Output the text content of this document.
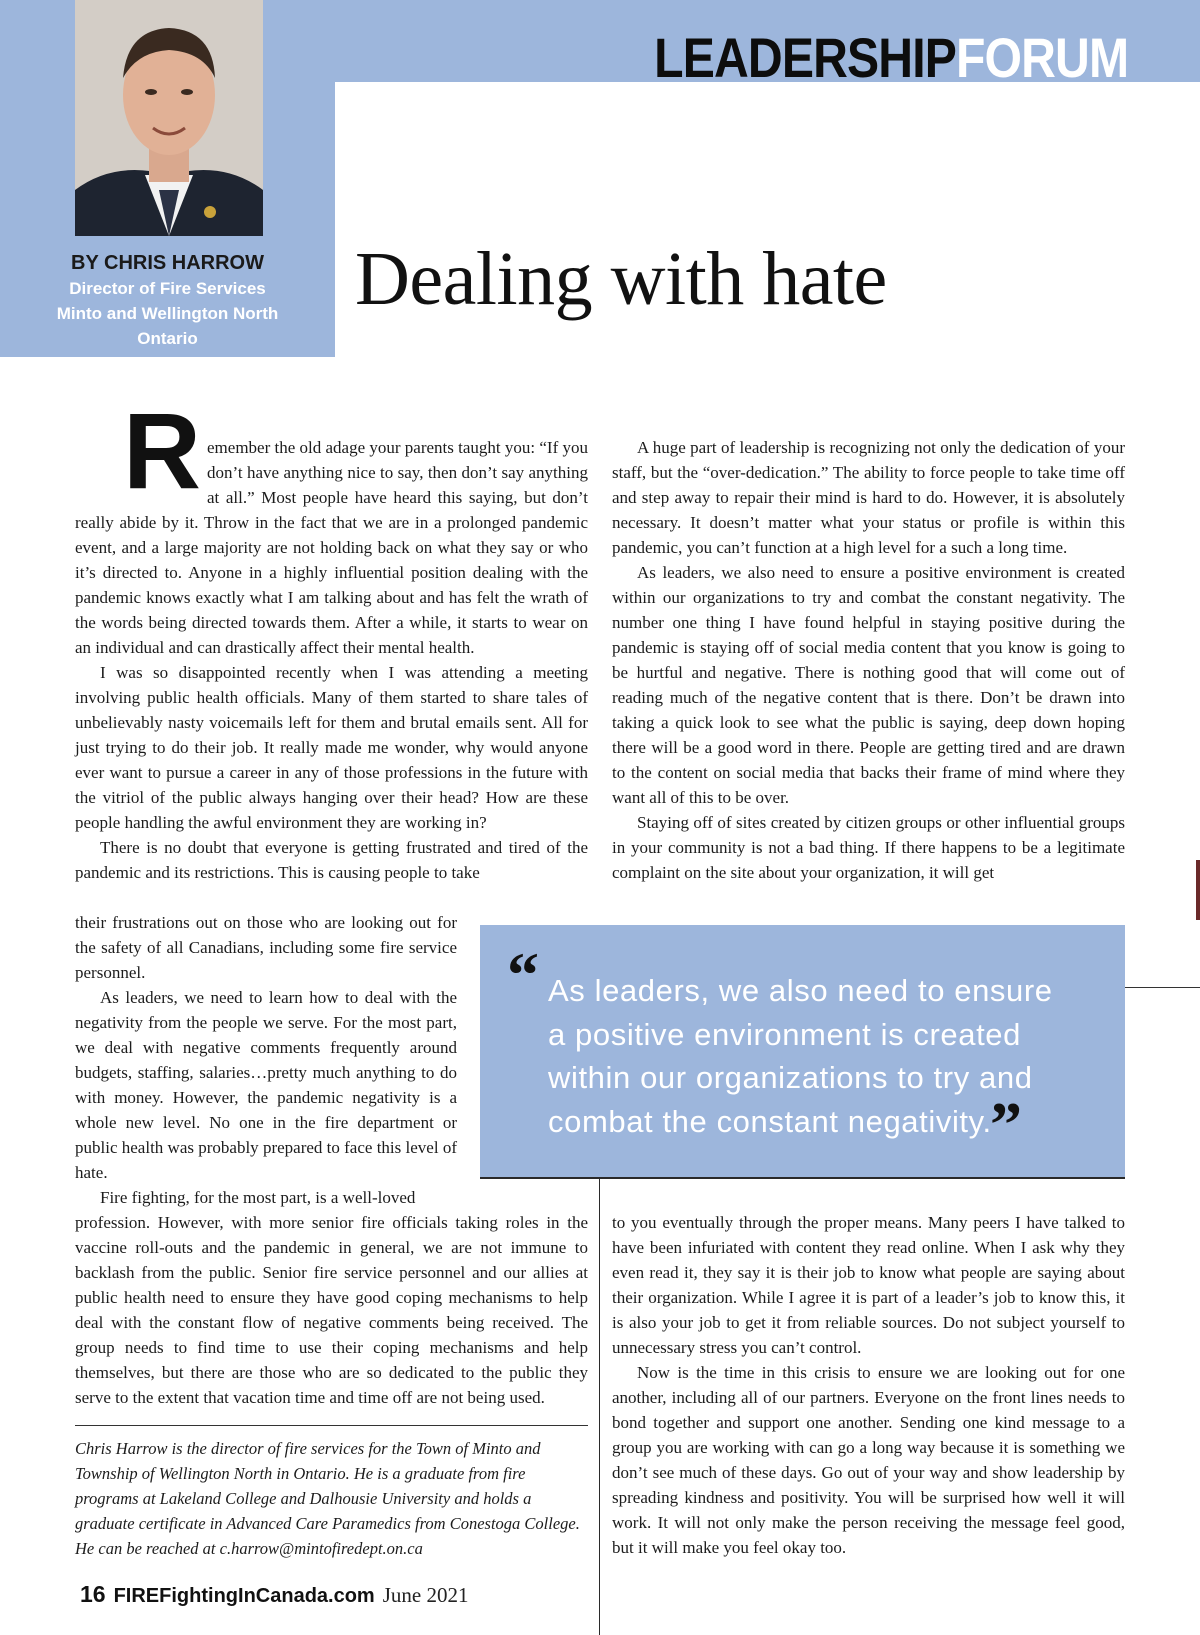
LEADERSHIPFORUM
BY CHRIS HARROW
Director of Fire Services
Minto and Wellington North
Ontario
Dealing with hate

Remember the old adage your parents taught you: “If you don’t have anything nice to say, then don’t say anything at all.” Most people have heard this saying, but don’t really abide by it. Throw in the fact that we are in a prolonged pandemic event, and a large majority are not holding back on what they say or who it’s directed to. Anyone in a highly influential position dealing with the pandemic knows exactly what I am talking about and has felt the wrath of the words being directed towards them. After a while, it starts to wear on an individual and can drastically affect their mental health.

I was so disappointed recently when I was attending a meeting involving public health officials. Many of them started to share tales of unbelievably nasty voicemails left for them and brutal emails sent. All for just trying to do their job. It really made me wonder, why would anyone ever want to pursue a career in any of those professions in the future with the vitriol of the public always hanging over their head? How are these people handling the awful environment they are working in?

There is no doubt that everyone is getting frustrated and tired of the pandemic and its restrictions. This is causing people to take

their frustrations out on those who are looking out for the safety of all Canadians, including some fire service personnel.

As leaders, we need to learn how to deal with the negativity from the people we serve. For the most part, we deal with negative comments frequently around budgets, staffing, salaries…pretty much anything to do with money. However, the pandemic negativity is a whole new level. No one in the fire department or public health was probably prepared to face this level of hate.

Fire fighting, for the most part, is a well-loved

profession. However, with more senior fire officials taking roles in the vaccine roll-outs and the pandemic in general, we are not immune to backlash from the public. Senior fire service personnel and our allies at public health need to ensure they have good coping mechanisms to help deal with the constant flow of negative comments being received. The group needs to find time to use their coping mechanisms and help themselves, but there are those who are so dedicated to the public they serve to the extent that vacation time and time off are not being used.

A huge part of leadership is recognizing not only the dedication of your staff, but the “over-dedication.” The ability to force people to take time off and step away to repair their mind is hard to do. However, it is absolutely necessary. It doesn’t matter what your status or profile is within this pandemic, you can’t function at a high level for a such a long time.

As leaders, we also need to ensure a positive environment is created within our organizations to try and combat the constant negativity. The number one thing I have found helpful in staying positive during the pandemic is staying off of social media content that you know is going to be hurtful and negative. There is nothing good that will come out of reading much of the negative content that is there. Don’t be drawn into taking a quick look to see what the public is saying, deep down hoping there will be a good word in there. People are getting tired and are drawn to the content on social media that backs their frame of mind where they want all of this to be over.

Staying off of sites created by citizen groups or other influential groups in your community is not a bad thing. If there happens to be a legitimate complaint on the site about your organization, it will get

to you eventually through the proper means. Many peers I have talked to have been infuriated with content they read online. When I ask why they even read it, they say it is their job to know what people are saying about their organization. While I agree it is part of a leader’s job to know this, it is also your job to get it from reliable sources. Do not subject yourself to unnecessary stress you can’t control.

Now is the time in this crisis to ensure we are looking out for one another, including all of our partners. Everyone on the front lines needs to bond together and support one another. Sending one kind message to a group you are working with can go a long way because it is something we don’t see much of these days. Go out of your way and show leadership by spreading kindness and positivity. You will be surprised how well it will work. It will not only make the person receiving the message feel good, but it will make you feel okay too.

“ As leaders, we also need to ensure a positive environment is created within our organizations to try and combat the constant negativity.
”

Chris Harrow is the director of fire services for the Town of Minto and Township of Wellington North in Ontario. He is a graduate from fire programs at Lakeland College and Dalhousie University and holds a graduate certificate in Advanced Care Paramedics from Conestoga College. He can be reached at c.harrow@mintofiredept.on.ca

16 FIREFightingInCanada.com June 2021
